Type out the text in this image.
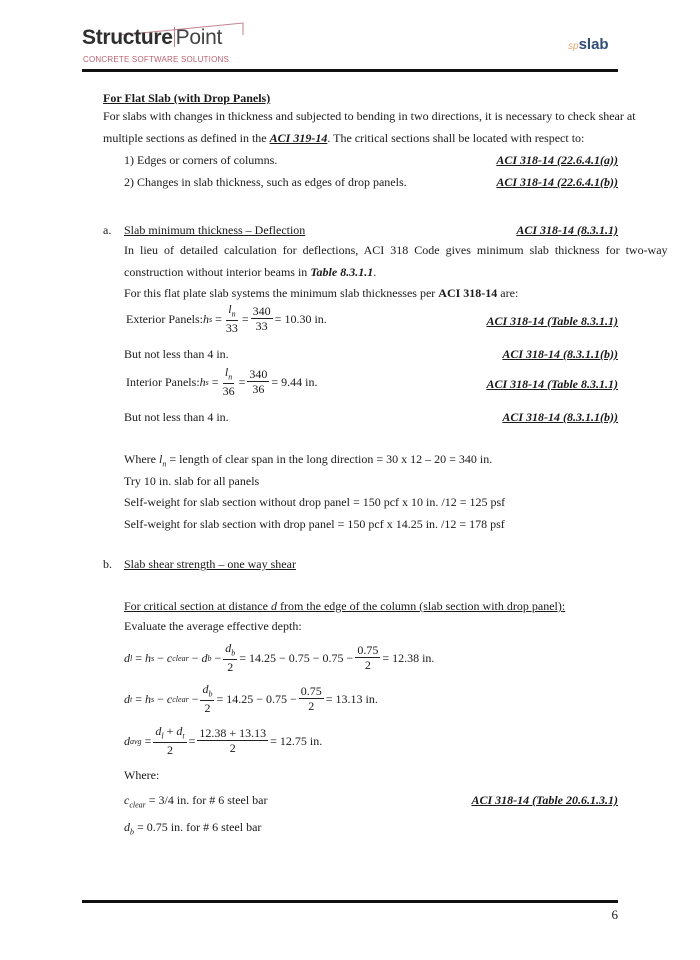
Structure Point
CONCRETE SOFTWARE SOLUTIONS
spslab
For Flat Slab (with Drop Panels)
For slabs with changes in thickness and subjected to bending in two directions, it is necessary to check shear at
multiple sections as defined in the ACI 319-14. The critical sections shall be located with respect to:
1) Edges or corners of columns.	ACI 318-14 (22.6.4.1(a))
2) Changes in slab thickness, such as edges of drop panels.	ACI 318-14 (22.6.4.1(b))
a. Slab minimum thickness – Deflection	ACI 318-14 (8.3.1.1)
In lieu of detailed calculation for deflections, ACI 318 Code gives minimum slab thickness for two-way
construction without interior beams in Table 8.3.1.1.
For this flat plate slab systems the minimum slab thicknesses per ACI 318-14 are:
Exterior Panels: h $s = \frac{l_n}{33} = \frac{340}{33} = 10.30$ in.	ACI 318-14 (Table 8.3.1.1)
But not less than 4 in.	ACI 318-14 (8.3.1.1(b))
Interior Panels: h $s = \frac{l_n}{36} = \frac{340}{36} = 9.44$ in.	ACI 318-14 (Table 8.3.1.1)
But not less than 4 in.	ACI 318-14 (8.3.1.1(b))
Where $l_n$ = length of clear span in the long direction = 30 x 12 – 20 = 340 in.
Try 10 in. slab for all panels
Self-weight for slab section without drop panel = 150 pcf x 10 in. /12 = 125 psf
Self-weight for slab section with drop panel = 150 pcf x 14.25 in. /12 = 178 psf
b. Slab shear strength – one way shear
For critical section at distance d from the edge of the column (slab section with drop panel):
Evaluate the average effective depth:
d l = h s − c clear − d $b - \frac{d_b}{2} = 14.25 - 0.75 - 0.75 - \frac{0.75}{2} = 12.38$ in.
d t = h s − c clear − $\frac{d_b}{2} = 14.25 - 0.75 - \frac{0.75}{2} = 13.13$ in.
d avg = $\frac{d_l + d_t}{2} = \frac{12.38 + 13.13}{2} = 12.75$ in.
Where:
$c_{clear} = 3/4$ in. for # 6 steel bar	ACI 318-14 (Table 20.6.1.3.1)
$d_b = 0.75$ in. for # 6 steel bar
6
